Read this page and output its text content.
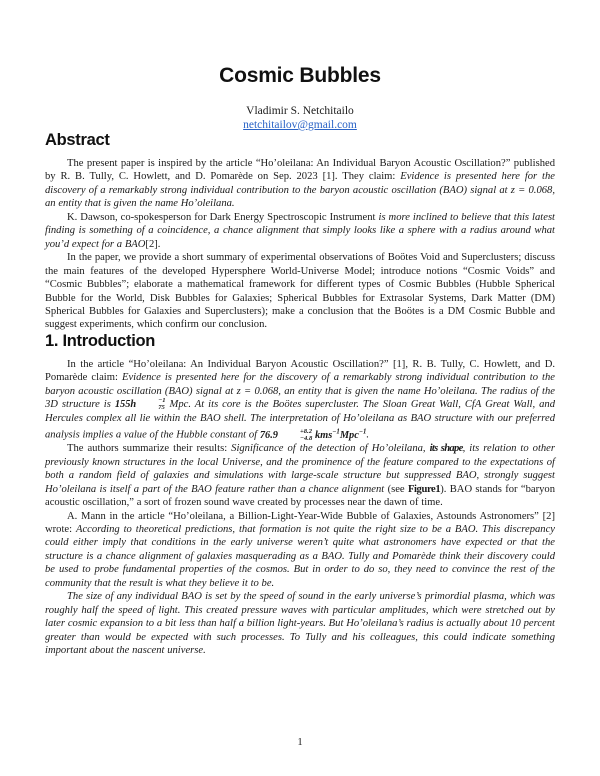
Cosmic Bubbles
Vladimir S. Netchitailo
netchitailov@gmail.com
Abstract

The present paper is inspired by the article “Ho’oleilana: An Individual Baryon Acoustic Oscillation?” published by R. B. Tully, C. Howlett, and D. Pomarède on Sep. 2023 [1]. They claim: Evidence is presented here for the discovery of a remarkably strong individual contribution to the baryon acoustic oscillation (BAO) signal at z = 0.068, an entity that is given the name Ho’oleilana.

K. Dawson, co-spokesperson for Dark Energy Spectroscopic Instrument is more inclined to believe that this latest finding is something of a coincidence, a chance alignment that simply looks like a sphere with a radius around what you’d expect for a BAO[2].

In the paper, we provide a short summary of experimental observations of Boötes Void and Superclusters; discuss the main features of the developed Hypersphere World-Universe Model; introduce notions “Cosmic Voids” and “Cosmic Bubbles”; elaborate a mathematical framework for different types of Cosmic Bubbles (Hubble Spherical Bubble for the World, Disk Bubbles for Galaxies; Spherical Bubbles for Extrasolar Systems, Dark Matter (DM) Spherical Bubbles for Galaxies and Superclusters); make a conclusion that the Boötes is a DM Cosmic Bubble and suggest experiments, which confirm our conclusion.

1. Introduction

In the article “Ho’oleilana: An Individual Baryon Acoustic Oscillation?” [1], R. B. Tully, C. Howlett, and D. Pomarède claim: Evidence is presented here for the discovery of a remarkably strong individual contribution to the baryon acoustic oscillation (BAO) signal at z = 0.068, an entity that is given the name Ho’oleilana. The radius of the 3D structure is 155h	−1
75 Mpc. At its core is the Boötes supercluster. The Sloan Great Wall, CfA Great Wall, and Hercules complex all lie within the BAO shell. The interpretation of Ho’oleilana as BAO structure with our preferred analysis implies a value of the Hubble constant of 76.9	+8.2
−4.8 kms$^{-1}$Mpc$^{-1}$.

The authors summarize their results: Significance of the detection of Ho’oleilana, its shape, its relation to other previously known structures in the local Universe, and the prominence of the feature compared to the expectations of both a random field of galaxies and simulations with large-scale structure but suppressed BAO, strongly suggest Ho’oleilana is itself a part of the BAO feature rather than a chance alignment (see Figure1). BAO stands for “baryon acoustic oscillation,” a sort of frozen sound wave created by processes near the dawn of time.

A. Mann in the article “Ho’oleilana, a Billion-Light-Year-Wide Bubble of Galaxies, Astounds Astronomers” [2] wrote: According to theoretical predictions, that formation is not quite the right size to be a BAO. This discrepancy could either imply that conditions in the early universe weren’t quite what astronomers have expected or that the structure is a chance alignment of galaxies masquerading as a BAO. Tully and Pomarède think their discovery could be used to probe fundamental properties of the cosmos. But in order to do so, they need to convince the rest of the community that the result is what they believe it to be.

The size of any individual BAO is set by the speed of sound in the early universe’s primordial plasma, which was roughly half the speed of light. This created pressure waves with particular amplitudes, which were stretched out by later cosmic expansion to a bit less than half a billion light-years. But Ho’oleilana’s radius is actually about 10 percent greater than would be expected with such processes. To Tully and his colleagues, this could indicate something important about the nascent universe.

1
